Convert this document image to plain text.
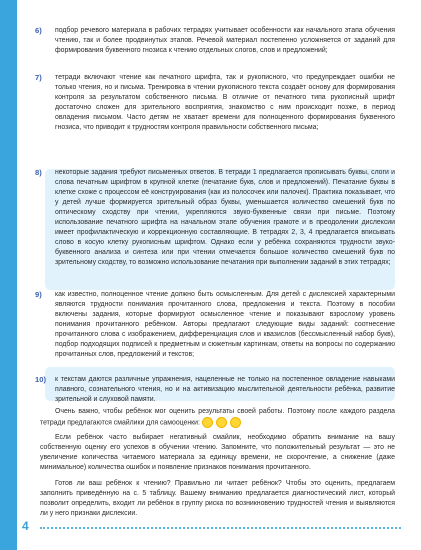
6)	подбор речевого материала в рабочих тетрадях учитывает особенности как начального этапа обучения чтению, так и более продвинутых этапов. Речевой материал постепенно усложняется от заданий для формирования буквенного гнозиса к чтению отдельных слогов, слов и предложений;
7)	тетради включают чтение как печатного шрифта, так и рукописного, что предупреждает ошибки не только чтения, но и письма. Тренировка в чтении рукописного текста создаёт основу для формирования контроля за результатом собственного письма. В отличие от печатного типа рукописный шрифт достаточно сложен для зрительного восприятия, знакомство с ним происходит позже, в период овладения письмом. Часто детям не хватает времени для полноценного формирования буквенного гнозиса, что приводит к трудностям контроля правильности собственного письма;
8)	некоторые задания требуют письменных ответов. В тетради 1 предлагается прописывать буквы, слоги и слова печатным шрифтом в крупной клетке (печатание букв, слов и предложений). Печатание буквы в клетке схоже с процессом её конструирования (как из полосочек или палочек). Практика показывает, что у детей лучше формируется зрительный образ буквы, уменьшается количество смешений букв по оптическому сходству при чтении, укрепляются звуко-буквенные связи при письме. Поэтому использование печатного шрифта на начальном этапе обучения грамоте и в преодолении дислексии имеет профилактическую и коррекционную составляющие. В тетрадях 2, 3, 4 предлагается вписывать слово в косую клетку рукописным шрифтом. Однако если у ребёнка сохраняются трудности звуко-буквенного анализа и синтеза или при чтении отмечается большое количество смешений букв по зрительному сходству, то возможно использование печатания при выполнении заданий в этих тетрадях;
9)	как известно, полноценное чтение должно быть осмысленным. Для детей с дислексией характерными являются трудности понимания прочитанного слова, предложения и текста. Поэтому в пособии включены задания, которые формируют осмысленное чтение и показывают взрослому уровень понимания прочитанного ребёнком. Авторы предлагают следующие виды заданий: соотнесение прочитанного слова с изображением, дифференциация слов и квазислов (бессмысленный набор букв), подбор подходящих подписей к предметным и сюжетным картинкам, ответы на вопросы по содержанию прочитанных слов, предложений и текстов;
10)	к текстам даются различные упражнения, нацеленные не только на постепенное овладение навыками плавного, сознательного чтения, но и на активизацию мыслительной деятельности ребёнка, развитие зрительной и слуховой памяти.
Очень важно, чтобы ребёнок мог оценить результаты своей работы. Поэтому после каждого раздела тетради предлагаются смайлики для самооценки:
Если ребёнок часто выбирает негативный смайлик, необходимо обратить внимание на вашу собственную оценку его успехов в обучении чтению. Запомните, что положительный результат — это не увеличение количества читаемого материала за единицу времени, не скорочтение, а снижение (даже минимальное) количества ошибок и появление признаков понимания прочитанного.
Готов ли ваш ребёнок к чтению? Правильно ли читает ребёнок? Чтобы это оценить, предлагаем заполнить приведённую на с. 5 таблицу. Вашему вниманию предлагается диагностический лист, который позволит определить, входит ли ребёнок в группу риска по возникновению трудностей чтения и выявляются ли у него признаки дислексии.
4
